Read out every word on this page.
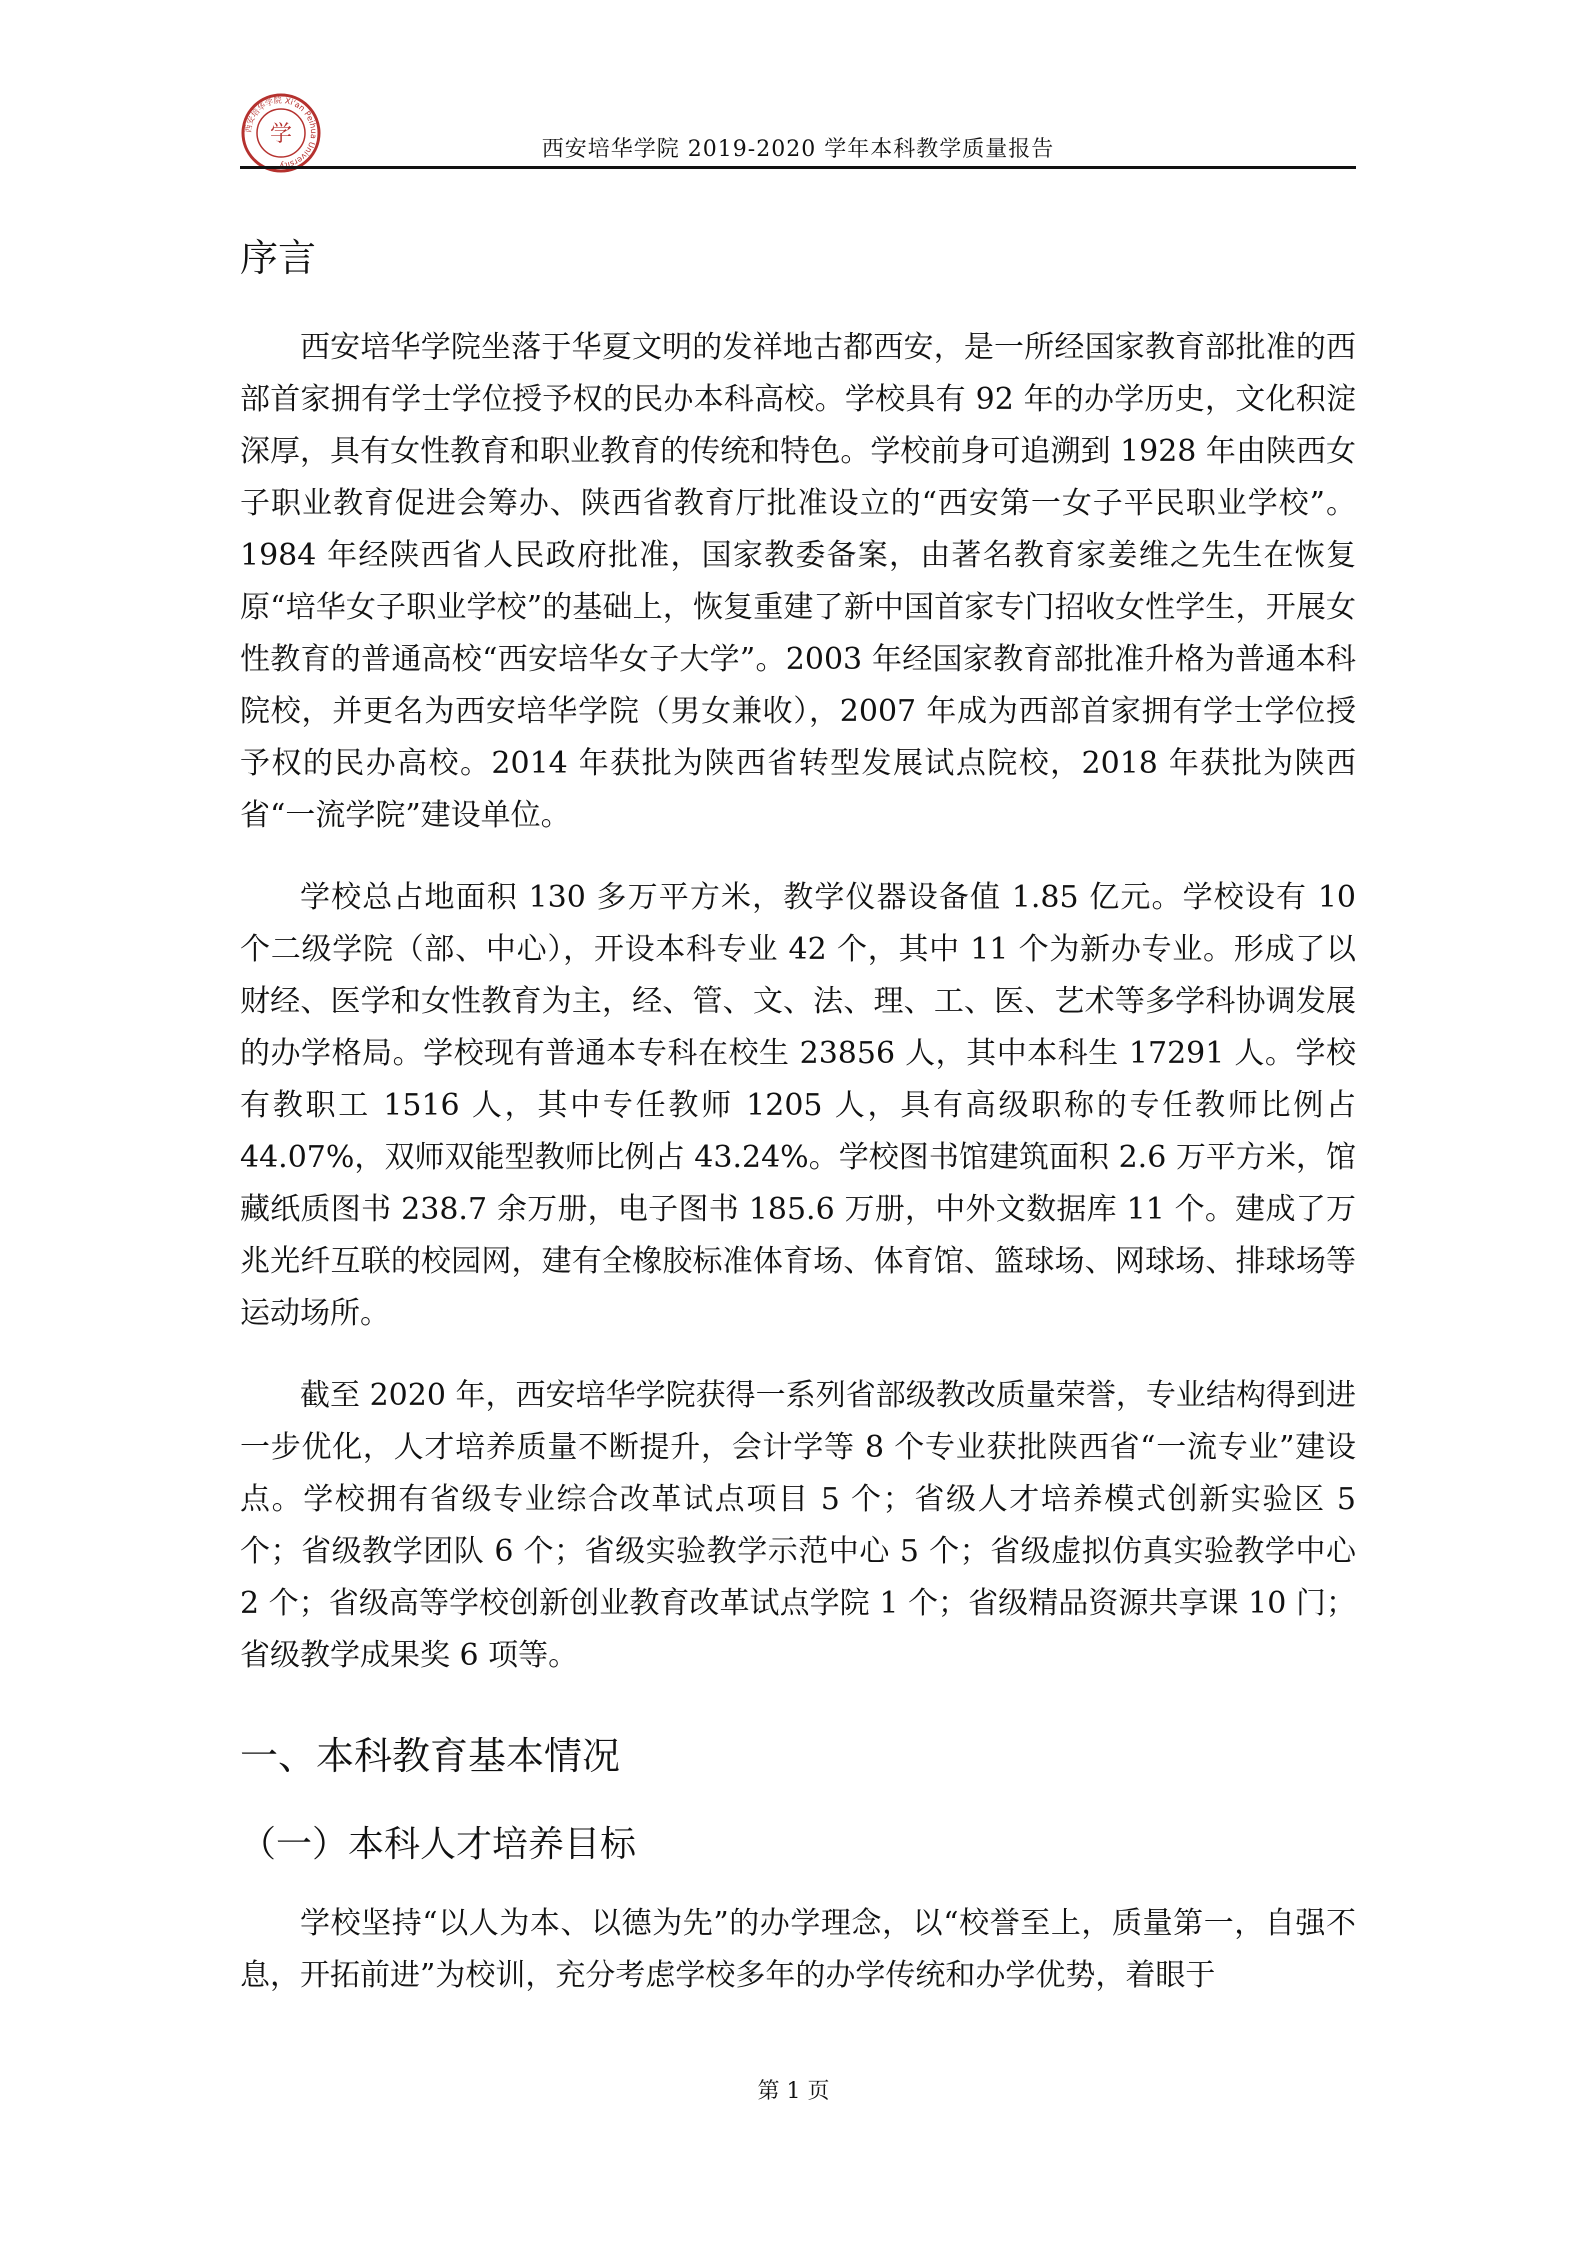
西安培华学院 Xi'an Peihua University
学
西安培华学院 2019-2020 学年本科教学质量报告
序言

西安培华学院坐落于华夏文明的发祥地古都西安，是一所经国家教育部批准的西部首家拥有学士学位授予权的民办本科高校。学校具有 92 年的办学历史，文化积淀深厚，具有女性教育和职业教育的传统和特色。学校前身可追溯到 1928 年由陕西女子职业教育促进会筹办、陕西省教育厅批准设立的“西安第一女子平民职业学校”。1984 年经陕西省人民政府批准，国家教委备案，由著名教育家姜维之先生在恢复原“培华女子职业学校”的基础上，恢复重建了新中国首家专门招收女性学生，开展女性教育的普通高校“西安培华女子大学”。2003 年经国家教育部批准升格为普通本科院校，并更名为西安培华学院（男女兼收），2007 年成为西部首家拥有学士学位授予权的民办高校。2014 年获批为陕西省转型发展试点院校，2018 年获批为陕西省“一流学院”建设单位。

学校总占地面积 130 多万平方米，教学仪器设备值 1.85 亿元。学校设有 10 个二级学院（部、中心），开设本科专业 42 个，其中 11 个为新办专业。形成了以财经、医学和女性教育为主，经、管、文、法、理、工、医、艺术等多学科协调发展的办学格局。学校现有普通本专科在校生 23856 人，其中本科生 17291 人。学校有教职工 1516 人，其中专任教师 1205 人，具有高级职称的专任教师比例占 44.07%，双师双能型教师比例占 43.24%。学校图书馆建筑面积 2.6 万平方米，馆藏纸质图书 238.7 余万册，电子图书 185.6 万册，中外文数据库 11 个。建成了万兆光纤互联的校园网，建有全橡胶标准体育场、体育馆、篮球场、网球场、排球场等运动场所。

截至 2020 年，西安培华学院获得一系列省部级教改质量荣誉，专业结构得到进一步优化，人才培养质量不断提升，会计学等 8 个专业获批陕西省“一流专业”建设点。学校拥有省级专业综合改革试点项目 5 个；省级人才培养模式创新实验区 5 个；省级教学团队 6 个；省级实验教学示范中心 5 个；省级虚拟仿真实验教学中心 2 个；省级高等学校创新创业教育改革试点学院 1 个；省级精品资源共享课 10 门；省级教学成果奖 6 项等。

一、本科教育基本情况
（一）本科人才培养目标

学校坚持“以人为本、以德为先”的办学理念，以“校誉至上，质量第一，自强不息，开拓前进”为校训，充分考虑学校多年的办学传统和办学优势，着眼于

第 1 页
